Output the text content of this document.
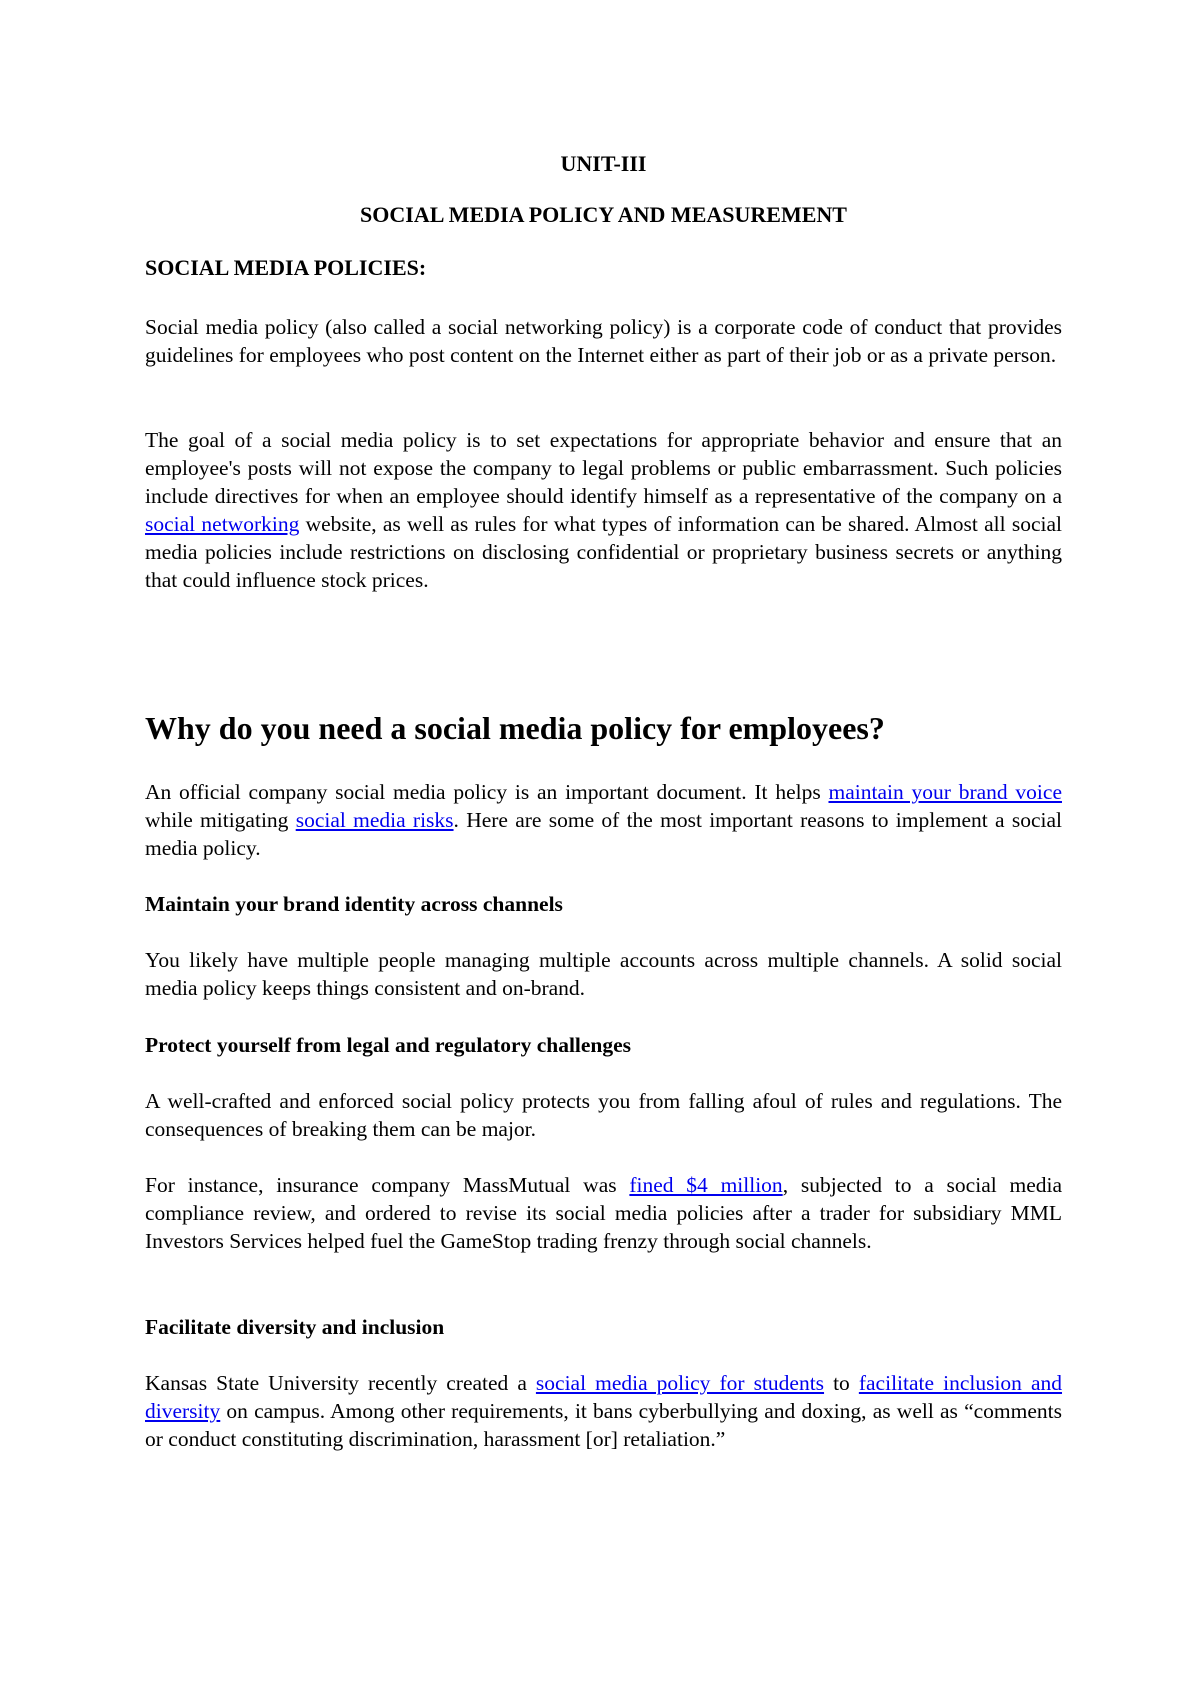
UNIT-III

SOCIAL MEDIA POLICY AND MEASUREMENT

SOCIAL MEDIA POLICIES:

Social media policy (also called a social networking policy) is a corporate code of conduct that provides guidelines for employees who post content on the Internet either as part of their job or as a private person.

The goal of a social media policy is to set expectations for appropriate behavior and ensure that an employee's posts will not expose the company to legal problems or public embarrassment. Such policies include directives for when an employee should identify himself as a representative of the company on a social networking website, as well as rules for what types of information can be shared. Almost all social media policies include restrictions on disclosing confidential or proprietary business secrets or anything that could influence stock prices.

Why do you need a social media policy for employees?

An official company social media policy is an important document. It helps maintain your brand voice while mitigating social media risks. Here are some of the most important reasons to implement a social media policy.

Maintain your brand identity across channels

You likely have multiple people managing multiple accounts across multiple channels. A solid social media policy keeps things consistent and on-brand.

Protect yourself from legal and regulatory challenges

A well-crafted and enforced social policy protects you from falling afoul of rules and regulations. The consequences of breaking them can be major.

For instance, insurance company MassMutual was fined $4 million, subjected to a social media compliance review, and ordered to revise its social media policies after a trader for subsidiary MML Investors Services helped fuel the GameStop trading frenzy through social channels.

Facilitate diversity and inclusion

Kansas State University recently created a social media policy for students to facilitate inclusion and diversity on campus. Among other requirements, it bans cyberbullying and doxing, as well as “comments or conduct constituting discrimination, harassment [or] retaliation.”
